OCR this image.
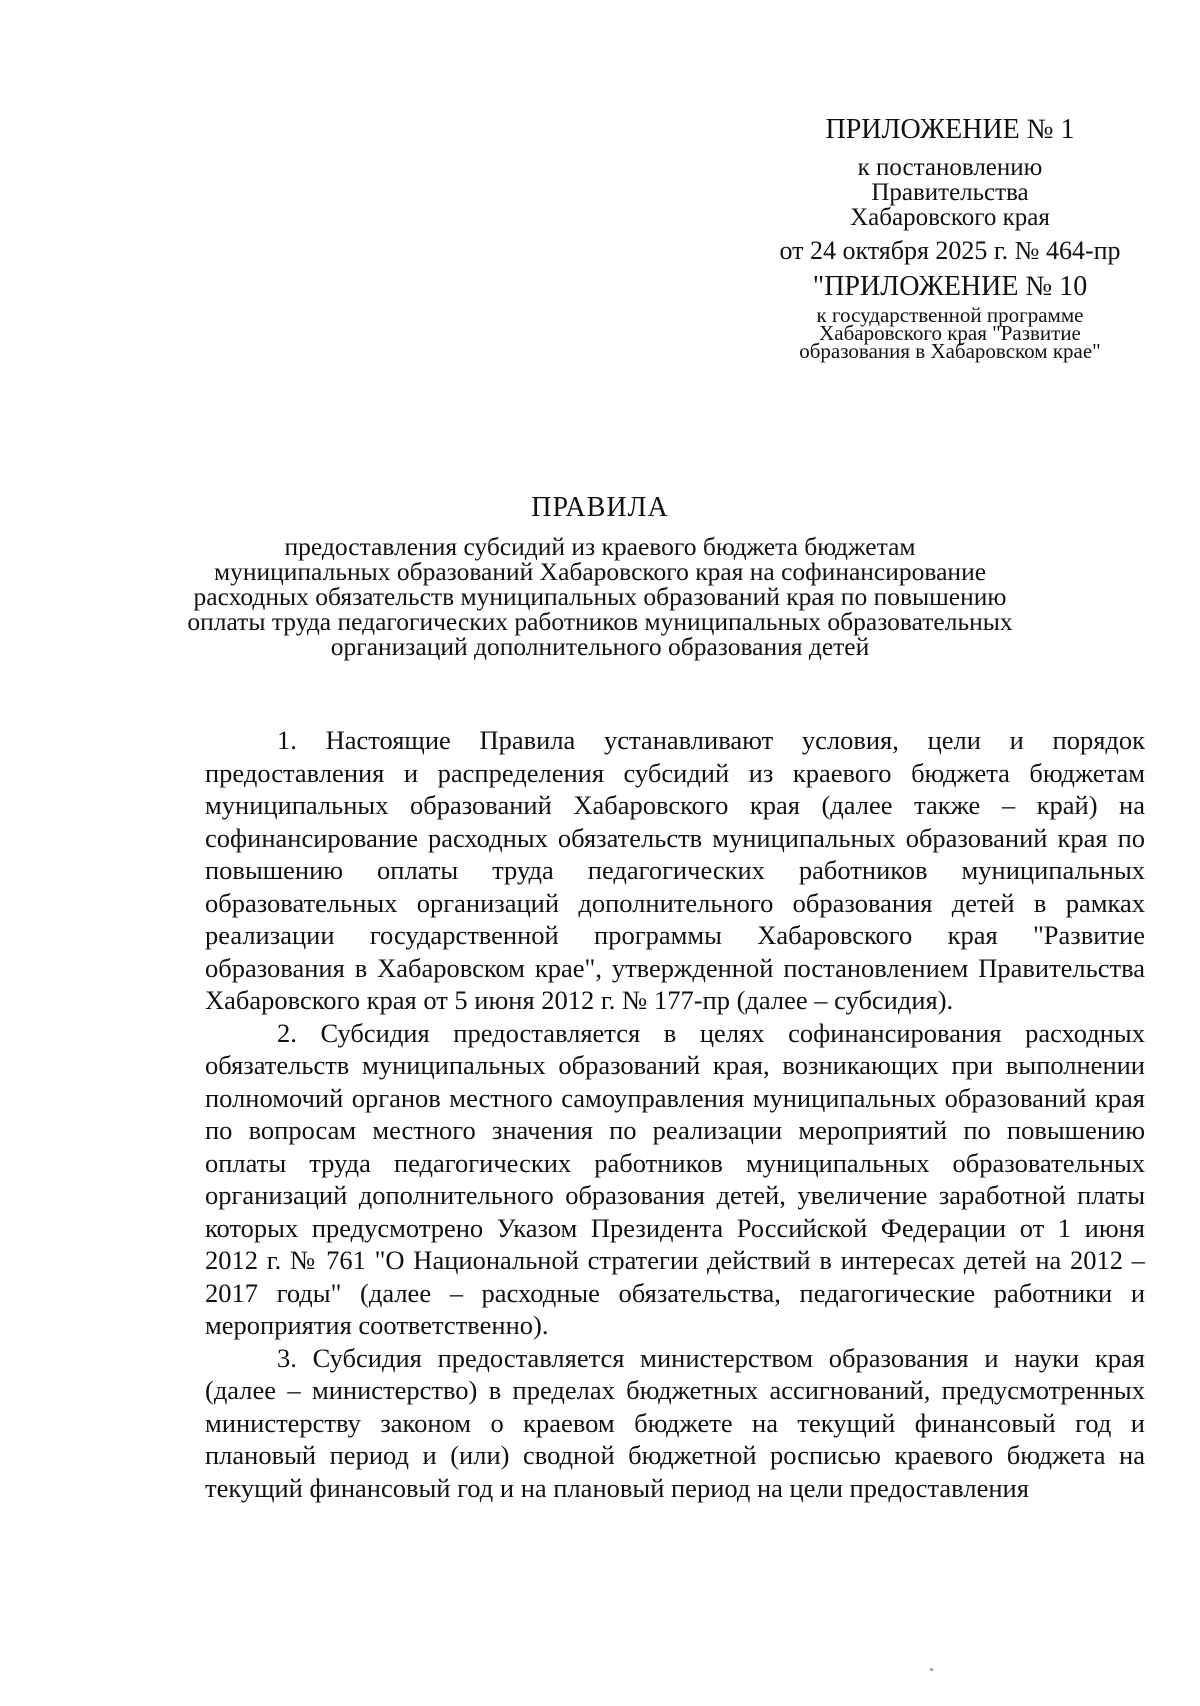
ПРИЛОЖЕНИЕ № 1
к постановлению
Правительства
Хабаровского края
от 24 октября 2025 г. № 464-пр
"ПРИЛОЖЕНИЕ № 10
к государственной программе
Хабаровского края "Развитие
образования в Хабаровском крае"
ПРАВИЛА
предоставления субсидий из краевого бюджета бюджетам
муниципальных образований Хабаровского края на софинансирование
расходных обязательств муниципальных образований края по повышению
оплаты труда педагогических работников муниципальных образовательных
организаций дополнительного образования детей

1. Настоящие Правила устанавливают условия, цели и порядок предоставления и распределения субсидий из краевого бюджета бюджетам муниципальных образований Хабаровского края (далее также – край) на софинансирование расходных обязательств муниципальных образований края по повышению оплаты труда педагогических работников муниципальных образовательных организаций дополнительного образования детей в рамках реализации государственной программы Хабаровского края "Развитие образования в Хабаровском крае", утвержденной постановлением Правительства Хабаровского края от 5 июня 2012 г. № 177-пр (далее – субсидия).

2. Субсидия предоставляется в целях софинансирования расходных обязательств муниципальных образований края, возникающих при выполнении полномочий органов местного самоуправления муниципальных образований края по вопросам местного значения по реализации мероприятий по повышению оплаты труда педагогических работников муниципальных образовательных организаций дополнительного образования детей, увеличение заработной платы которых предусмотрено Указом Президента Российской Федерации от 1 июня 2012 г. № 761 "О Национальной стратегии действий в интересах детей на 2012 – 2017 годы" (далее – расходные обязательства, педагогические работники и мероприятия соответственно).

3. Субсидия предоставляется министерством образования и науки края (далее – министерство) в пределах бюджетных ассигнований, предусмотренных министерству законом о краевом бюджете на текущий финансовый год и плановый период и (или) сводной бюджетной росписью краевого бюджета на текущий финансовый год и на плановый период на цели предоставления
